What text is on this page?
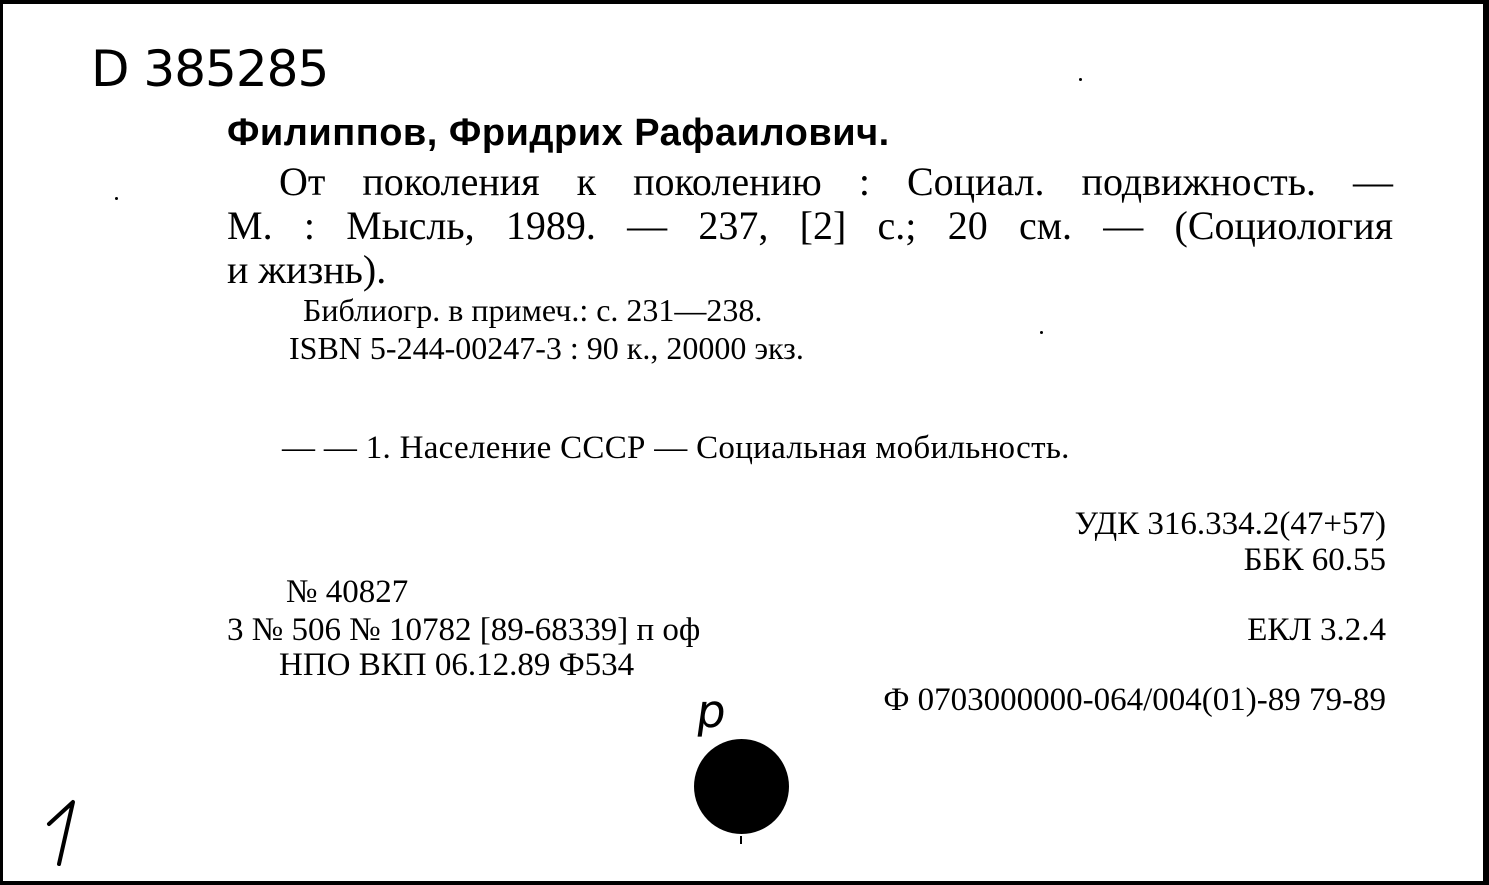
D 385285
Филиппов, Фридрих Рафаилович.
От поколения к поколению : Социал. подвижность. —
М. : Мысль, 1989. — 237, [2] с.; 20 см. — (Социология
и жизнь).
Библиогр. в примеч.: с. 231—238.
ISBN 5-244-00247-3 : 90 к., 20000 экз.
— — 1. Население СССР — Социальная мобильность.
УДК 316.334.2(47+57)
ББК 60.55
№ 40827
3 № 506 № 10782 [89-68339] п оф	ЕКЛ 3.2.4
НПО ВКП 06.12.89 Ф534
Ф 0703000000-064/004(01)-89 79-89
р
